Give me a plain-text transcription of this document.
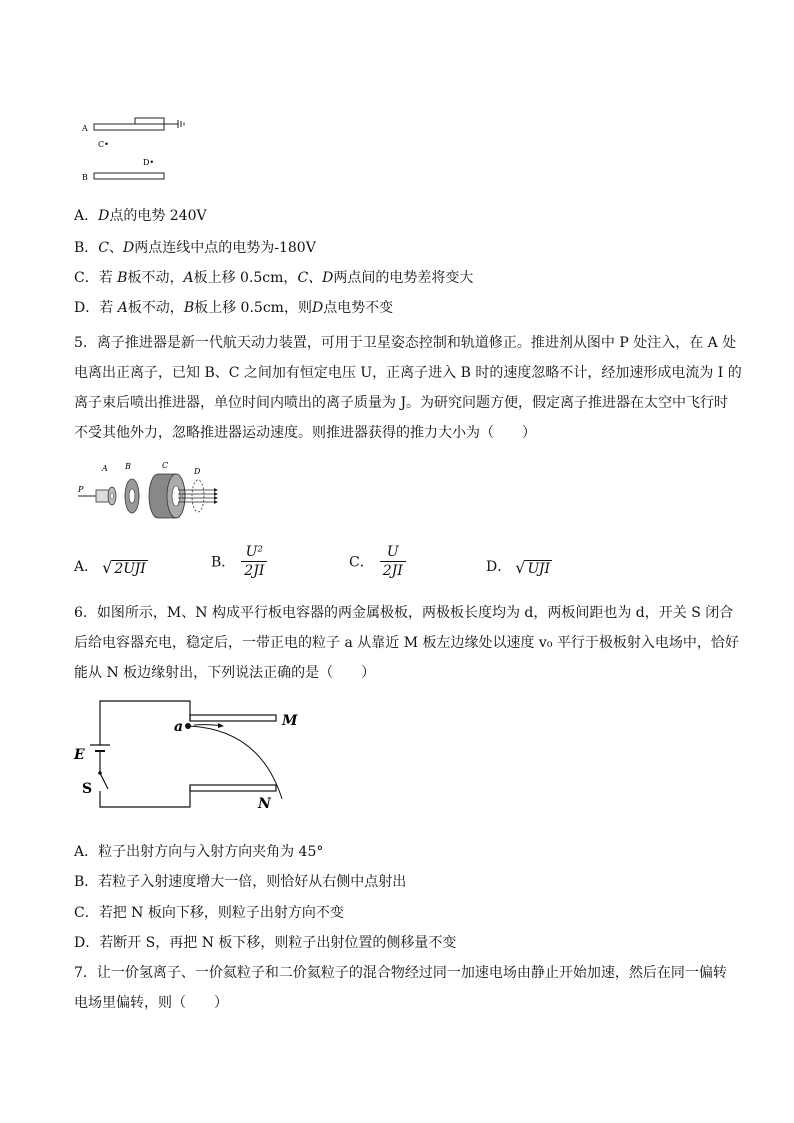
A
B
C•
D•
A．D点的电势 240V
B．C、D两点连线中点的电势为-180V
C．若 B板不动，A板上移 0.5cm，C、D两点间的电势差将变大
D．若 A板不动，B板上移 0.5cm，则D点电势不变
5．离子推进器是新一代航天动力装置，可用于卫星姿态控制和轨道修正。推进剂从图中 P 处注入，在 A 处
电离出正离子，已知 B、C 之间加有恒定电压 U，正离子进入 B 时的速度忽略不计，经加速形成电流为 I 的
离子束后喷出推进器，单位时间内喷出的离子质量为 J。为研究问题方便，假定离子推进器在太空中飞行时
不受其他外力，忽略推进器运动速度。则推进器获得的推力大小为（　　）
P
A B	C
D
A． √ 2UJI	B． $\frac{\text{U²}}{2JI}$	C． $\frac{U}{2JI}$	D． √ UJI
6．如图所示，M、N 构成平行板电容器的两金属极板，两极板长度均为 d，两板间距也为 d，开关 S 闭合
后给电容器充电，稳定后，一带正电的粒子 a 从靠近 M 板左边缘处以速度 v₀ 平行于极板射入电场中，恰好
能从 N 板边缘射出，下列说法正确的是（　　）
M
N
E
S
a
A．粒子出射方向与入射方向夹角为 45°
B．若粒子入射速度增大一倍，则恰好从右侧中点射出
C．若把 N 板向下移，则粒子出射方向不变
D．若断开 S，再把 N 板下移，则粒子出射位置的侧移量不变
7．让一价氢离子、一价氦粒子和二价氦粒子的混合物经过同一加速电场由静止开始加速，然后在同一偏转
电场里偏转，则（　　）
